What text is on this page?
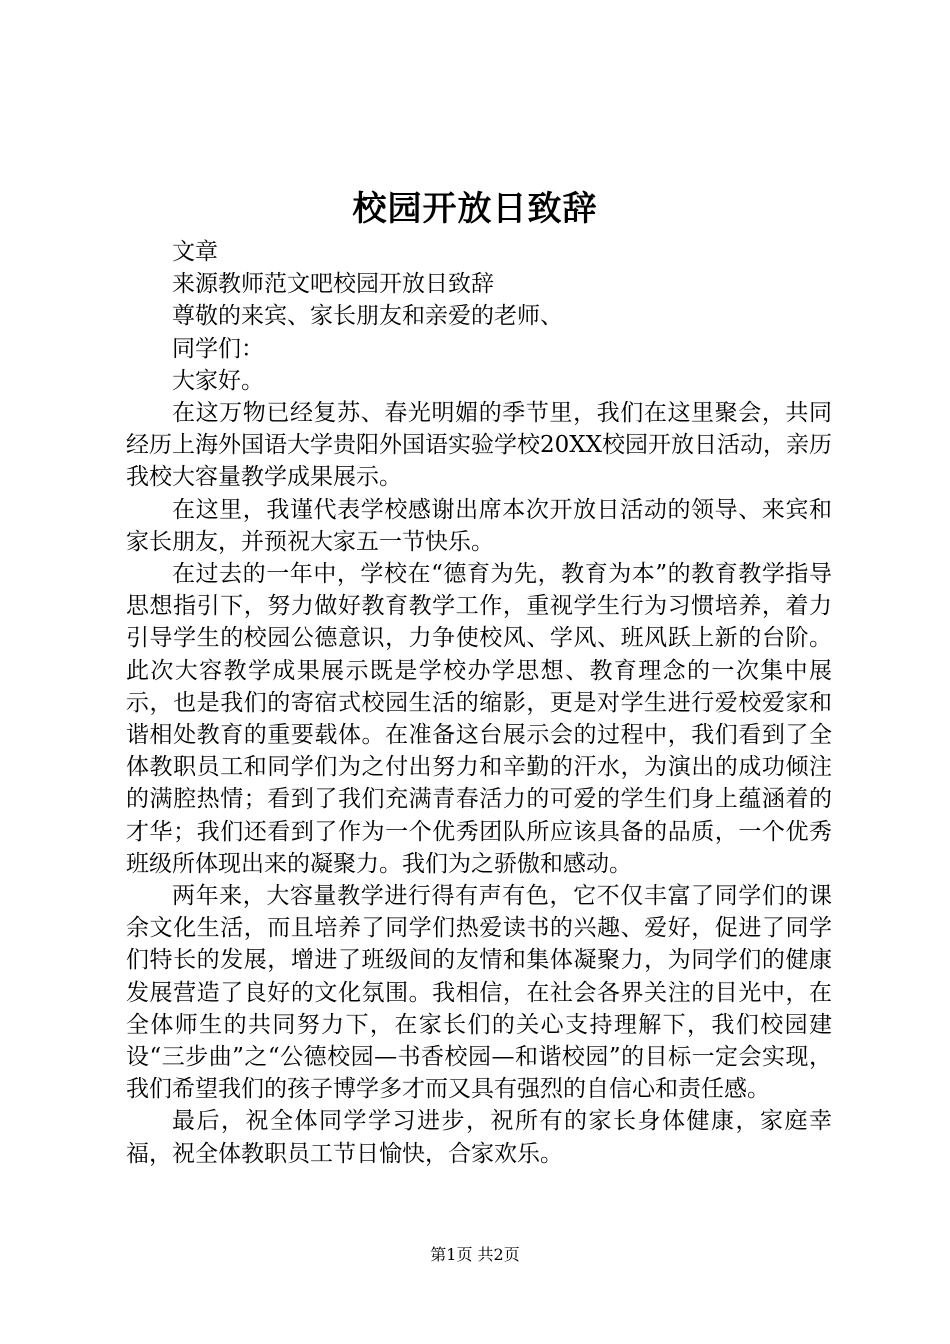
校园开放日致辞

文章

来源教师范文吧校园开放日致辞

尊敬的来宾、家长朋友和亲爱的老师、

同学们：

大家好。

在这万物已经复苏、春光明媚的季节里，我们在这里聚会，共同经历上海外国语大学贵阳外国语实验学校20XX校园开放日活动，亲历我校大容量教学成果展示。

在这里，我谨代表学校感谢出席本次开放日活动的领导、来宾和家长朋友，并预祝大家五一节快乐。

在过去的一年中，学校在“德育为先，教育为本”的教育教学指导思想指引下，努力做好教育教学工作，重视学生行为习惯培养，着力引导学生的校园公德意识，力争使校风、学风、班风跃上新的台阶。此次大容教学成果展示既是学校办学思想、教育理念的一次集中展示，也是我们的寄宿式校园生活的缩影，更是对学生进行爱校爱家和谐相处教育的重要载体。在准备这台展示会的过程中，我们看到了全体教职员工和同学们为之付出努力和辛勤的汗水，为演出的成功倾注的满腔热情；看到了我们充满青春活力的可爱的学生们身上蕴涵着的才华；我们还看到了作为一个优秀团队所应该具备的品质，一个优秀班级所体现出来的凝聚力。我们为之骄傲和感动。

两年来，大容量教学进行得有声有色，它不仅丰富了同学们的课余文化生活，而且培养了同学们热爱读书的兴趣、爱好，促进了同学们特长的发展，增进了班级间的友情和集体凝聚力，为同学们的健康发展营造了良好的文化氛围。我相信，在社会各界关注的目光中，在全体师生的共同努力下，在家长们的关心支持理解下，我们校园建设“三步曲”之“公德校园—书香校园—和谐校园”的目标一定会实现，我们希望我们的孩子博学多才而又具有强烈的自信心和责任感。

最后，祝全体同学学习进步，祝所有的家长身体健康，家庭幸福，祝全体教职员工节日愉快，合家欢乐。

第1页 共2页
